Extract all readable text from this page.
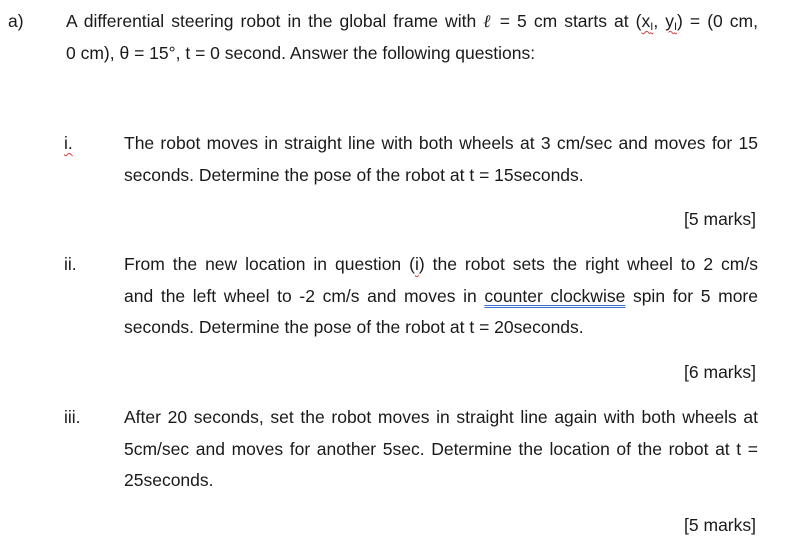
a) A differential steering robot in the global frame with ℓ = 5 cm starts at ($x_I$, $y_I) = (0$ cm,
0 cm), θ = 15°, t = 0 second. Answer the following questions:
i.	The robot moves in straight line with both wheels at 3 cm/sec and moves for 15
seconds. Determine the pose of the robot at t = 15seconds.
[5 marks]
ii.	From the new location in question (i) the robot sets the right wheel to 2 cm/s
and the left wheel to -2 cm/s and moves in counter clockwise spin for 5 more
seconds. Determine the pose of the robot at t = 20seconds.
[6 marks]
iii. After 20 seconds, set the robot moves in straight line again with both wheels at
5cm/sec and moves for another 5sec. Determine the location of the robot at t =
25seconds.
[5 marks]
